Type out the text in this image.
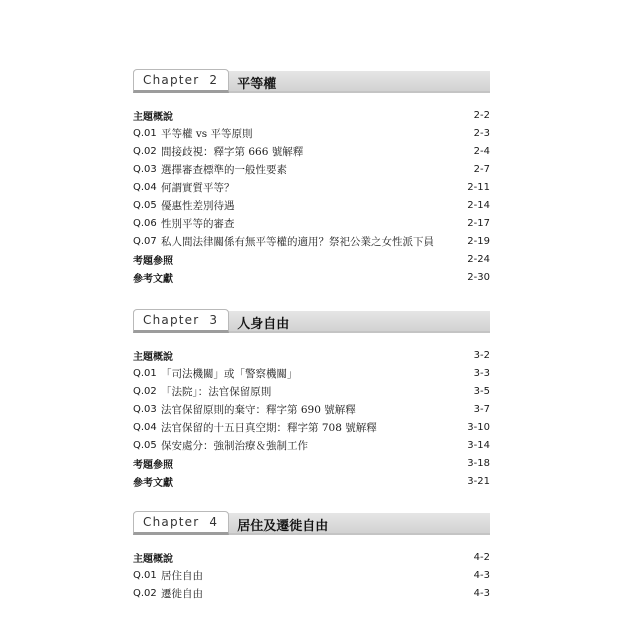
Chapter 2 平等權
主題概說	2-2
Q.01 平等權 vs 平等原則	2-3
Q.02 間接歧視：釋字第 666 號解釋	2-4
Q.03 選擇審查標準的一般性要素	2-7
Q.04 何謂實質平等？	2-11
Q.05 優惠性差別待遇	2-14
Q.06 性別平等的審查	2-17
Q.07 私人間法律關係有無平等權的適用？祭祀公業之女性派下員	2-19
考題參照	2-24
參考文獻	2-30
Chapter 3 人身自由
主題概說	3-2
Q.01 「司法機關」或「警察機關」	3-3
Q.02 「法院」：法官保留原則	3-5
Q.03 法官保留原則的棄守：釋字第 690 號解釋	3-7
Q.04 法官保留的十五日真空期：釋字第 708 號解釋	3-10
Q.05 保安處分：強制治療＆強制工作	3-14
考題參照	3-18
參考文獻	3-21
Chapter 4 居住及遷徙自由
主題概說	4-2
Q.01 居住自由	4-3
Q.02 遷徙自由	4-3
